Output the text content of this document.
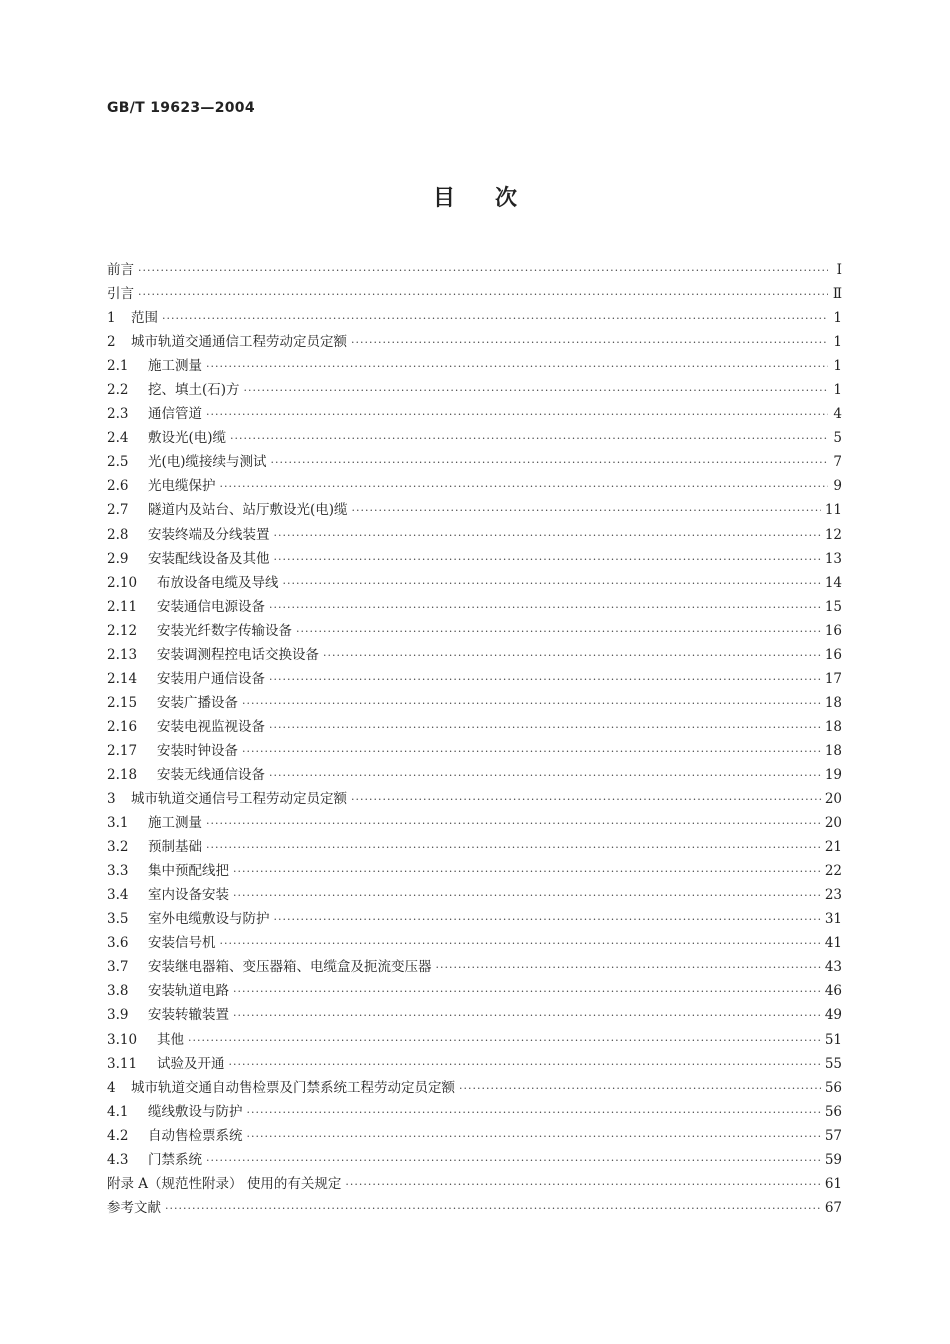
GB/T 19623—2004
目次
前言 ·····	Ⅰ
引言 ·····	Ⅱ
1	范围 ·····	1
2	城市轨道交通通信工程劳动定员定额 ·····	1
2.1	施工测量 ·····	1
2.2	挖、填土(石)方 ·····	1
2.3	通信管道 ·····	4
2.4	敷设光(电)缆 ·····	5
2.5	光(电)缆接续与测试 ·····	7
2.6	光电缆保护 ·····	9
2.7	隧道内及站台、站厅敷设光(电)缆 ·····	11
2.8	安装终端及分线装置 ·····	12
2.9	安装配线设备及其他 ·····	13
2.10	布放设备电缆及导线 ·····	14
2.11	安装通信电源设备 ·····	15
2.12	安装光纤数字传输设备 ·····	16
2.13	安装调测程控电话交换设备 ·····	16
2.14	安装用户通信设备 ·····	17
2.15	安装广播设备 ·····	18
2.16	安装电视监视设备 ·····	18
2.17	安装时钟设备 ·····	18
2.18	安装无线通信设备 ·····	19
3	城市轨道交通信号工程劳动定员定额 ·····	20
3.1	施工测量 ·····	20
3.2	预制基础 ·····	21
3.3	集中预配线把 ·····	22
3.4	室内设备安装 ·····	23
3.5	室外电缆敷设与防护 ·····	31
3.6	安装信号机 ·····	41
3.7	安装继电器箱、变压器箱、电缆盒及扼流变压器 ·····	43
3.8	安装轨道电路 ·····	46
3.9	安装转辙装置 ·····	49
3.10	其他 ·····	51
3.11	试验及开通 ·····	55
4	城市轨道交通自动售检票及门禁系统工程劳动定员定额 ·····	56
4.1	缆线敷设与防护 ·····	56
4.2	自动售检票系统 ·····	57
4.3	门禁系统 ·····	59
附录 A（规范性附录） 使用的有关规定 ·····	61
参考文献 ·····	67
